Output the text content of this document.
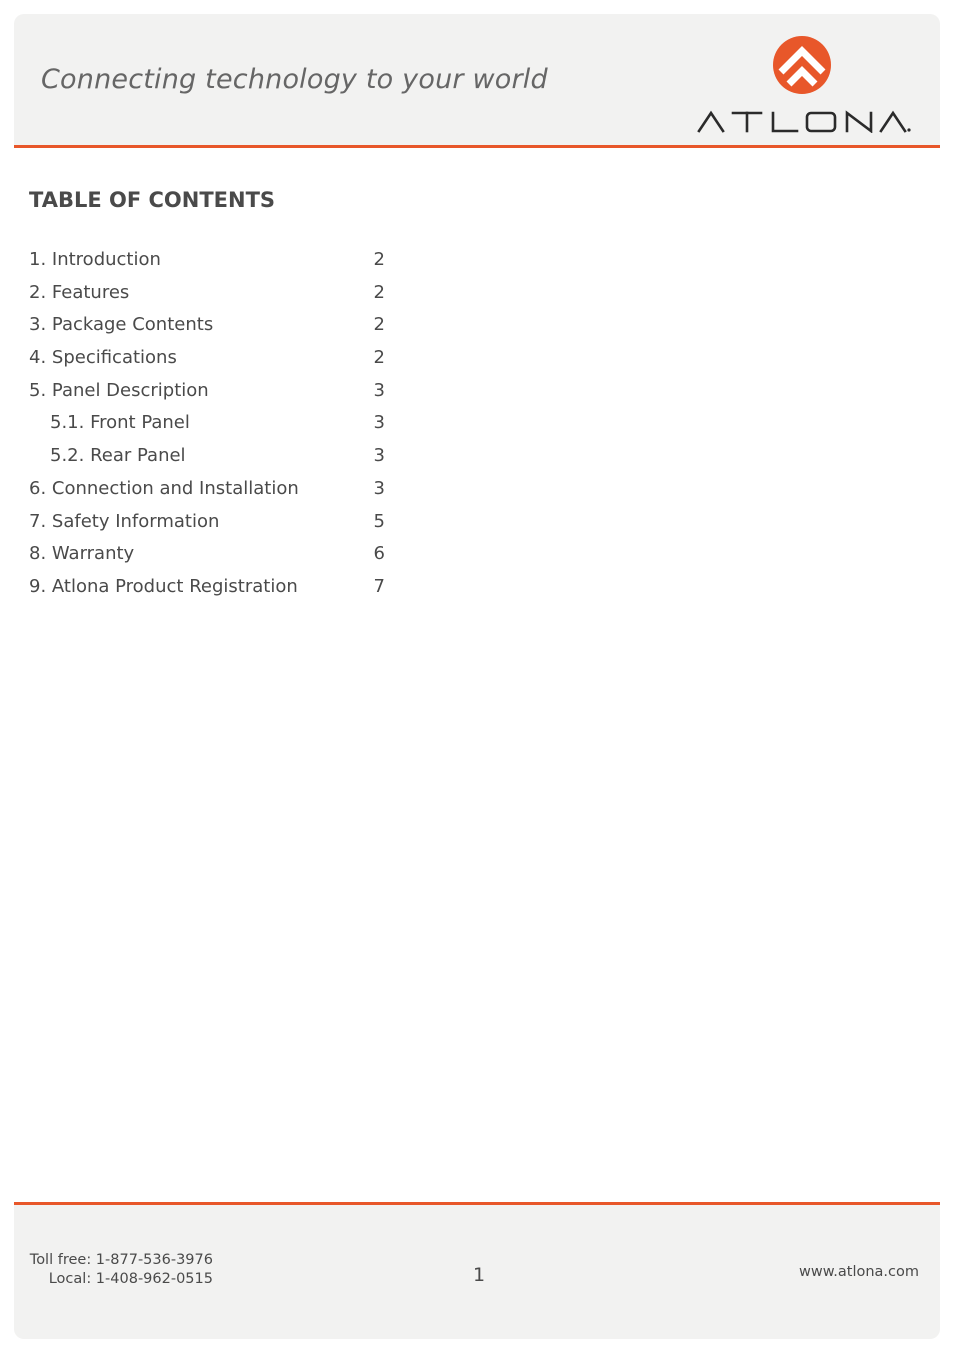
Connecting technology to your world
TABLE OF CONTENTS
1. Introduction	2
2. Features	2
3. Package Contents	2
4. Specifications	2
5. Panel Description	3
5.1. Front Panel	3
5.2. Rear Panel	3
6. Connection and Installation	3
7. Safety Information	5
8. Warranty	6
9. Atlona Product Registration	7
Toll free: 1-877-536-3976
Local: 1-408-962-0515	1	www.atlona.com
